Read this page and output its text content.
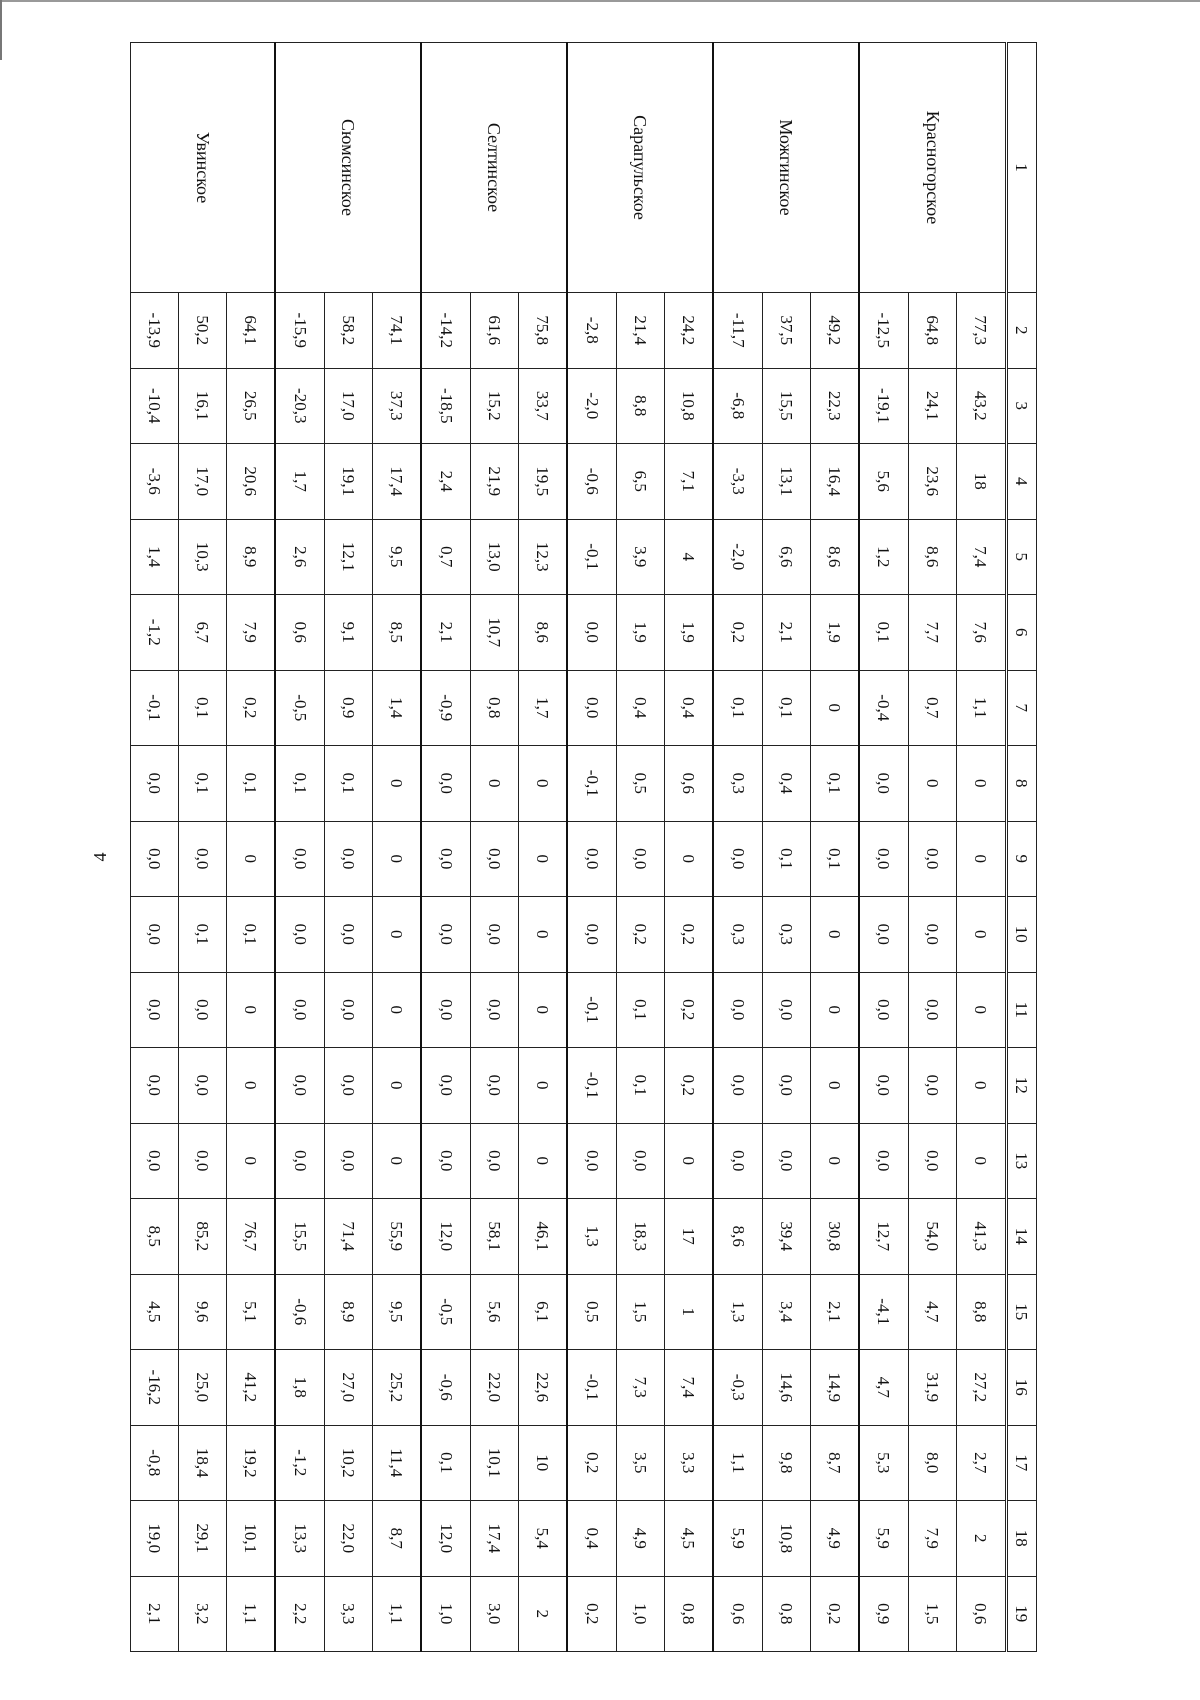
4
1	2	3	4	5	6	7	8	9	10	11	12	13	14	15	16	17	18	19
Красногорское	77,3	43,2	18	7,4	7,6	1,1	0	0	0	0	0	0	41,3	8,8	27,2	2,7	2	0,6
	64,8	24,1	23,6	8,6	7,7	0,7	0	0,0	0,0	0,0	0,0	0,0	54,0	4,7	31,9	8,0	7,9	1,5
	-12,5	-19,1	5,6	1,2	0,1	-0,4	0,0	0,0	0,0	0,0	0,0	0,0	12,7	-4,1	4,7	5,3	5,9	0,9
Можгинское	49,2	22,3	16,4	8,6	1,9	0	0,1	0,1	0	0	0	0	30,8	2,1	14,9	8,7	4,9	0,2
	37,5	15,5	13,1	6,6	2,1	0,1	0,4	0,1	0,3	0,0	0,0	0,0	39,4	3,4	14,6	9,8	10,8	0,8
	-11,7	-6,8	-3,3	-2,0	0,2	0,1	0,3	0,0	0,3	0,0	0,0	0,0	8,6	1,3	-0,3	1,1	5,9	0,6
Сарапульское	24,2	10,8	7,1	4	1,9	0,4	0,6	0	0,2	0,2	0,2	0	17	1	7,4	3,3	4,5	0,8
	21,4	8,8	6,5	3,9	1,9	0,4	0,5	0,0	0,2	0,1	0,1	0,0	18,3	1,5	7,3	3,5	4,9	1,0
	-2,8	-2,0	-0,6	-0,1	0,0	0,0	-0,1	0,0	0,0	-0,1	-0,1	0,0	1,3	0,5	-0,1	0,2	0,4	0,2
Селтинское	75,8	33,7	19,5	12,3	8,6	1,7	0	0	0	0	0	0	46,1	6,1	22,6	10	5,4	2
	61,6	15,2	21,9	13,0	10,7	0,8	0	0,0	0,0	0,0	0,0	0,0	58,1	5,6	22,0	10,1	17,4	3,0
	-14,2	-18,5	2,4	0,7	2,1	-0,9	0,0	0,0	0,0	0,0	0,0	0,0	12,0	-0,5	-0,6	0,1	12,0	1,0
Сюмсинское	74,1	37,3	17,4	9,5	8,5	1,4	0	0	0	0	0	0	55,9	9,5	25,2	11,4	8,7	1,1
	58,2	17,0	19,1	12,1	9,1	0,9	0,1	0,0	0,0	0,0	0,0	0,0	71,4	8,9	27,0	10,2	22,0	3,3
	-15,9	-20,3	1,7	2,6	0,6	-0,5	0,1	0,0	0,0	0,0	0,0	0,0	15,5	-0,6	1,8	-1,2	13,3	2,2
Увинское	64,1	26,5	20,6	8,9	7,9	0,2	0,1	0	0,1	0	0	0	76,7	5,1	41,2	19,2	10,1	1,1
	50,2	16,1	17,0	10,3	6,7	0,1	0,1	0,0	0,1	0,0	0,0	0,0	85,2	9,6	25,0	18,4	29,1	3,2
	-13,9	-10,4	-3,6	1,4	-1,2	-0,1	0,0	0,0	0,0	0,0	0,0	0,0	8,5	4,5	-16,2	-0,8	19,0	2,1
